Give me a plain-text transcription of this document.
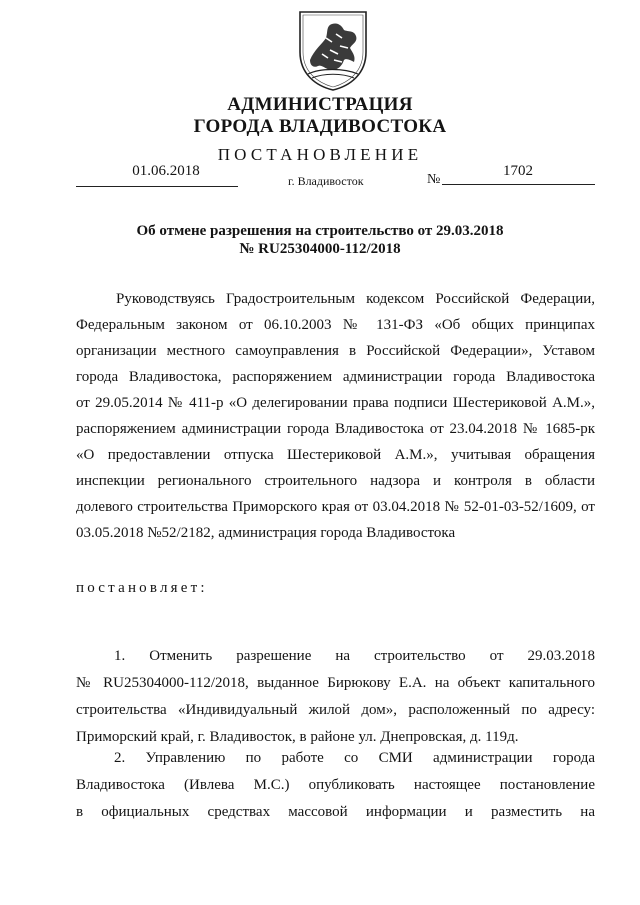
АДМИНИСТРАЦИЯ
ГОРОДА ВЛАДИВОСТОКА
ПОСТАНОВЛЕНИЕ
01.06.2018
г. Владивосток	№
1702
Об отмене разрешения на строительство от 29.03.2018
№ RU25304000-112/2018
Руководствуясь Градостроительным кодексом Российской Федерации,
Федеральным законом от 06.10.2003 № 131-ФЗ «Об общих принципах
организации местного самоуправления в Российской Федерации», Уставом
города Владивостока, распоряжением администрации города Владивостока
от 29.05.2014 № 411-р «О делегировании права подписи Шестериковой А.М.»,
распоряжением администрации города Владивостока от 23.04.2018 № 1685-рк
«О предоставлении отпуска Шестериковой А.М.», учитывая обращения
инспекции регионального строительного надзора и контроля в области
долевого строительства Приморского края от 03.04.2018 № 52-01-03-52/1609, от
03.05.2018 №52/2182, администрация города Владивостока
постановляет:
1. Отменить разрешение на строительство от 29.03.2018
№ RU25304000-112/2018, выданное Бирюкову Е.А. на объект капитального
строительства «Индивидуальный жилой дом», расположенный по адресу:
Приморский край, г. Владивосток, в районе ул. Днепровская, д. 119д.
2. Управлению по работе со СМИ администрации города
Владивостока (Ивлева М.С.) опубликовать настоящее постановление
в официальных средствах массовой информации и разместить на
